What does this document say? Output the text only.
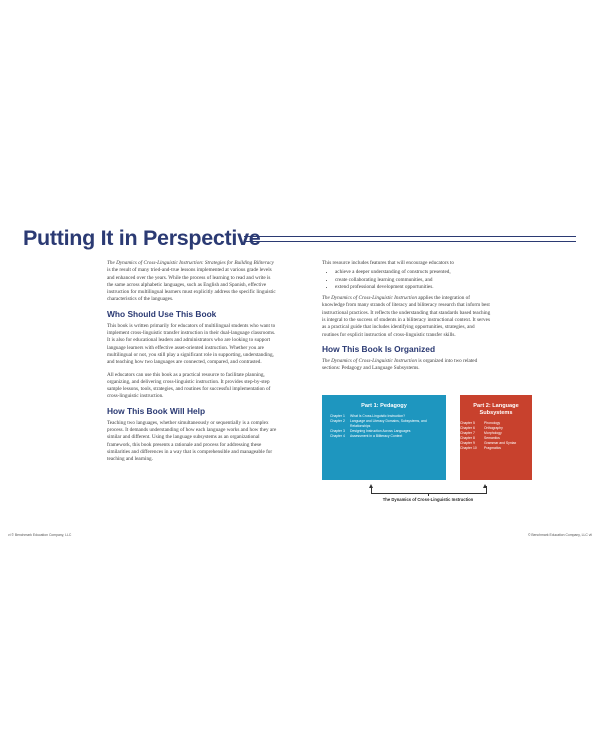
Putting It in Perspective

The Dynamics of Cross-Linguistic Instruction: Strategies for Building Biliteracy is the result of many tried-and-true lessons implemented at various grade levels and enhanced over the years. While the process of learning to read and write is the same across alphabetic languages, such as English and Spanish, effective instruction for multilingual learners must explicitly address the specific linguistic characteristics of the languages.

Who Should Use This Book

This book is written primarily for educators of multilingual students who want to implement cross-linguistic transfer instruction in their dual-language classrooms. It is also for educational leaders and administrators who are looking to support language learners with effective asset-oriented instruction. Whether you are multilingual or not, you still play a significant role in supporting, understanding, and teaching how two languages are connected, compared, and contrasted.

All educators can use this book as a practical resource to facilitate planning, organizing, and delivering cross-linguistic instruction. It provides step-by-step sample lessons, tools, strategies, and routines for successful implementation of cross-linguistic instruction.

How This Book Will Help

Teaching two languages, whether simultaneously or sequentially is a complex process. It demands understanding of how each language works and how they are similar and different. Using the language subsystems as an organizational framework, this book presents a rationale and process for addressing these similarities and differences in a way that is comprehensible and manageable for teaching and learning.

This resource includes features that will encourage educators to

• achieve a deeper understanding of constructs presented,
• create collaborating learning communities, and
• extend professional development opportunities.

The Dynamics of Cross-Linguistic Instruction applies the integration of knowledge from many strands of literacy and biliteracy research that inform best instructional practices. It reflects the understanding that standards based teaching is integral to the success of students in a biliteracy instructional context. It serves as a practical guide that includes identifying opportunities, strategies, and routines for explicit instruction of cross-linguistic transfer skills.

How This Book Is Organized

The Dynamics of Cross-Linguistic Instruction is organized into two related sections: Pedagogy and Language Subsystems.

Part 1: Pedagogy
Chapter 1	What Is Cross-Linguistic Instruction?
Chapter 2	Language and Literacy Domains, Subsystems, and Relationships
Chapter 3	Designing Instruction Across Languages
Chapter 4	Assessment in a Biliteracy Context
Part 2: Language Subsystems
Chapter 5	Phonology
Chapter 6	Orthography
Chapter 7	Morphology
Chapter 8	Semantics
Chapter 9	Grammar and Syntax
Chapter 10	Pragmatics
The Dynamics of Cross-Linguistic Instruction
vi © Benchmark Education Company, LLC	© Benchmark Education Company, LLC vii
